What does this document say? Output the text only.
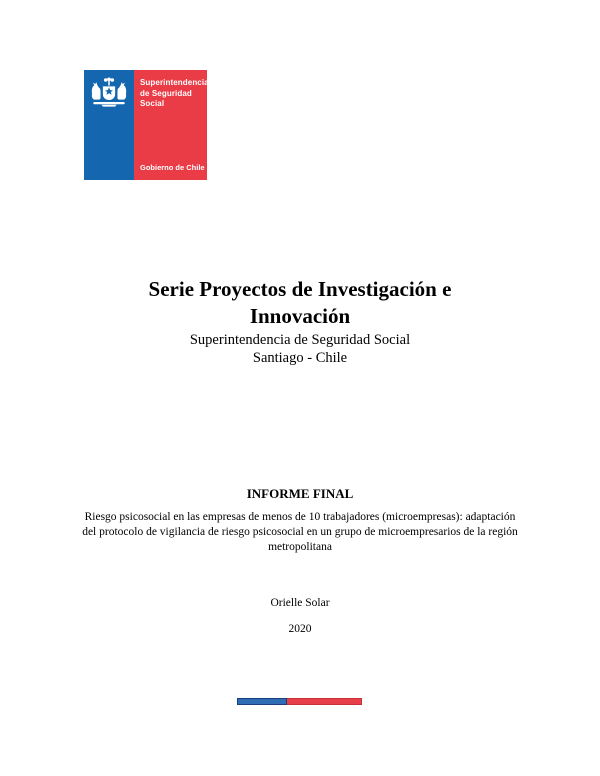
Superintendencia
de Seguridad
Social
Gobierno de Chile
Serie Proyectos de Investigación e
Innovación
Superintendencia de Seguridad Social
Santiago - Chile
INFORME FINAL
Riesgo psicosocial en las empresas de menos de 10 trabajadores (microempresas): adaptación
del protocolo de vigilancia de riesgo psicosocial en un grupo de microempresarios de la región
metropolitana
Orielle Solar
2020
